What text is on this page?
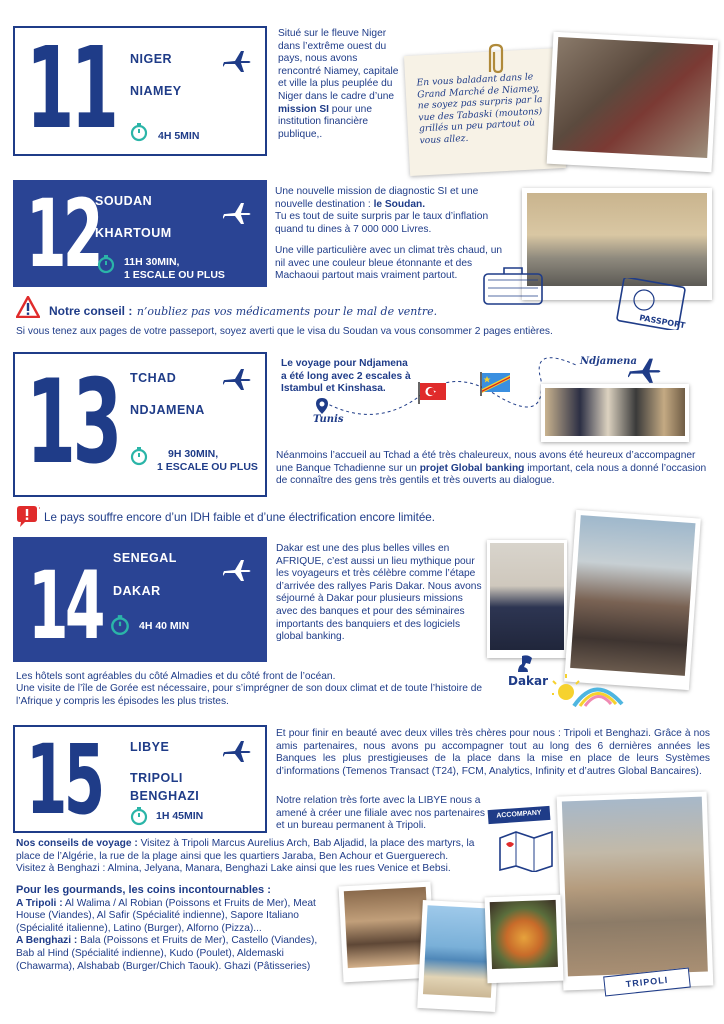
11 NIGER
NIAMEY
4H 5MIN
Situé sur le fleuve Niger dans l’extrême ouest du pays, nous avons rencontré Niamey, capitale et ville la plus peuplée du Niger dans le cadre d’une mission SI pour une institution financière publique,.
En vous baladant dans le Grand Marché de Niamey, ne soyez pas surpris par la vue des Tabaski (moutons) grillés un peu partout où vous allez.
12
SOUDAN
KHARTOUM
11H 30MIN,
1 ESCALE OU PLUS
Une nouvelle mission de diagnostic SI et une nouvelle destination : le Soudan.
Tu es tout de suite surpris par le taux d’inflation quand tu dines à 7 000 000 Livres.
Une ville particulière avec un climat très chaud, un nil avec une couleur bleue étonnante et des Machaoui partout mais vraiment partout.
PASSPORT
Notre conseil : n’oubliez pas vos médicaments pour le mal de ventre.
Si vous tenez aux pages de votre passeport, soyez averti que le visa du Soudan va vous consommer 2 pages entières.
13 TCHAD
NDJAMENA
9H 30MIN,
1 ESCALE OU PLUS
Le voyage pour Ndjamena a été long avec 2 escales à Istambul et Kinshasa.
Tunis
Ndjamena
Néanmoins l’accueil au Tchad a été très chaleureux, nous avons été heureux d’accompagner une Banque Tchadienne sur un projet Global banking important, cela nous a donné l’occasion de connaître des gens très gentils et très ouverts au dialogue.
Le pays souffre encore d’un IDH faible et d’une électrification encore limitée.
14 SENEGAL
DAKAR
4H 40 MIN
Dakar est une des plus belles villes en AFRIQUE, c’est aussi un lieu mythique pour les voyageurs et très célèbre comme l’étape d’arrivée des rallyes Paris Dakar. Nous avons séjourné à Dakar pour plusieurs missions avec des banques et pour des séminaires importants des banquiers et des logiciels global banking.
Dakar
Les hôtels sont agréables du côté Almadies et du côté front de l’océan.
Une visite de l’île de Gorée est nécessaire, pour s’imprégner de son doux climat et de toute l’histoire de l’Afrique y compris les épisodes les plus tristes.
15 LIBYE
TRIPOLI
BENGHAZI
1H 45MIN
Et pour finir en beauté avec deux villes très chères pour nous : Tripoli et Benghazi. Grâce à nos amis partenaires, nous avons pu accompagner tout au long des 6 dernières années les Banques les plus prestigieuses de la place dans la mise en place de leurs Systèmes d’informations (Temenos Transact (T24), FCM, Analytics, Infinity et d’autres Global Bancaires).
Notre relation très forte avec la LIBYE nous a amené à créer une filiale avec nos partenaires et un bureau permanent à Tripoli.
ACCOMPANY
TRIPOLI
Nos conseils de voyage : Visitez à Tripoli Marcus Aurelius Arch, Bab Aljadid, la place des martyrs, la place de l’Algérie, la rue de la plage ainsi que les quartiers Jaraba, Ben Achour et Guerguerech.
Visitez à Benghazi : Almina, Jelyana, Manara, Benghazi Lake ainsi que les rues Venice et Bebsi.
Pour les gourmands, les coins incontournables :
A Tripoli : Al Walima / Al Robian (Poissons et Fruits de Mer), Meat House (Viandes), Al Safir (Spécialité indienne), Sapore Italiano (Spécialité italienne), Latino (Burger), Alforno (Pizza)...
A Benghazi : Bala (Poissons et Fruits de Mer), Castello (Viandes), Bab al Hind (Spécialité indienne), Kudo (Poulet), Aldemaski (Chawarma), Alshabab (Burger/Chich Taouk). Ghazi (Pâtisseries)
